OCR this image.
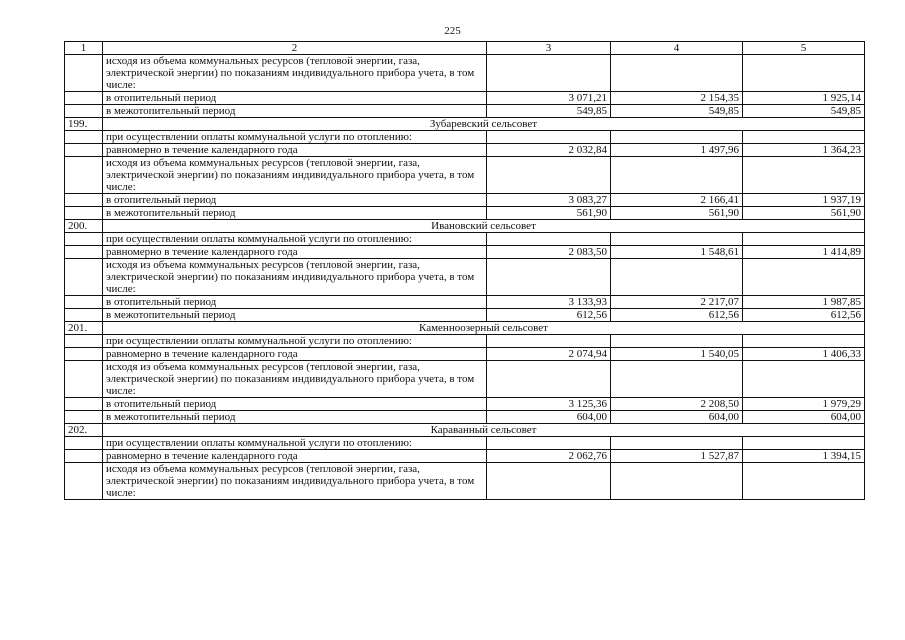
225
1	2	3	4	5
	исходя из объема коммунальных ресурсов (тепловой энергии, газа, электрической энергии) по показаниям индивидуального прибора учета, в том числе:			
	в отопительный период	3 071,21	2 154,35	1 925,14
	в межотопительный период	549,85	549,85	549,85
199.	Зубаревский сельсовет			
	при осуществлении оплаты коммунальной услуги по отоплению:			
	равномерно в течение календарного года	2 032,84	1 497,96	1 364,23
	исходя из объема коммунальных ресурсов (тепловой энергии, газа, электрической энергии) по показаниям индивидуального прибора учета, в том числе:			
	в отопительный период	3 083,27	2 166,41	1 937,19
	в межотопительный период	561,90	561,90	561,90
200.	Ивановский сельсовет			
	при осуществлении оплаты коммунальной услуги по отоплению:			
	равномерно в течение календарного года	2 083,50	1 548,61	1 414,89
	исходя из объема коммунальных ресурсов (тепловой энергии, газа, электрической энергии) по показаниям индивидуального прибора учета, в том числе:			
	в отопительный период	3 133,93	2 217,07	1 987,85
	в межотопительный период	612,56	612,56	612,56
201.	Каменноозерный сельсовет			
	при осуществлении оплаты коммунальной услуги по отоплению:			
	равномерно в течение календарного года	2 074,94	1 540,05	1 406,33
	исходя из объема коммунальных ресурсов (тепловой энергии, газа, электрической энергии) по показаниям индивидуального прибора учета, в том числе:			
	в отопительный период	3 125,36	2 208,50	1 979,29
	в межотопительный период	604,00	604,00	604,00
202.	Караванный сельсовет			
	при осуществлении оплаты коммунальной услуги по отоплению:			
	равномерно в течение календарного года	2 062,76	1 527,87	1 394,15
	исходя из объема коммунальных ресурсов (тепловой энергии, газа, электрической энергии) по показаниям индивидуального прибора учета, в том числе:			
